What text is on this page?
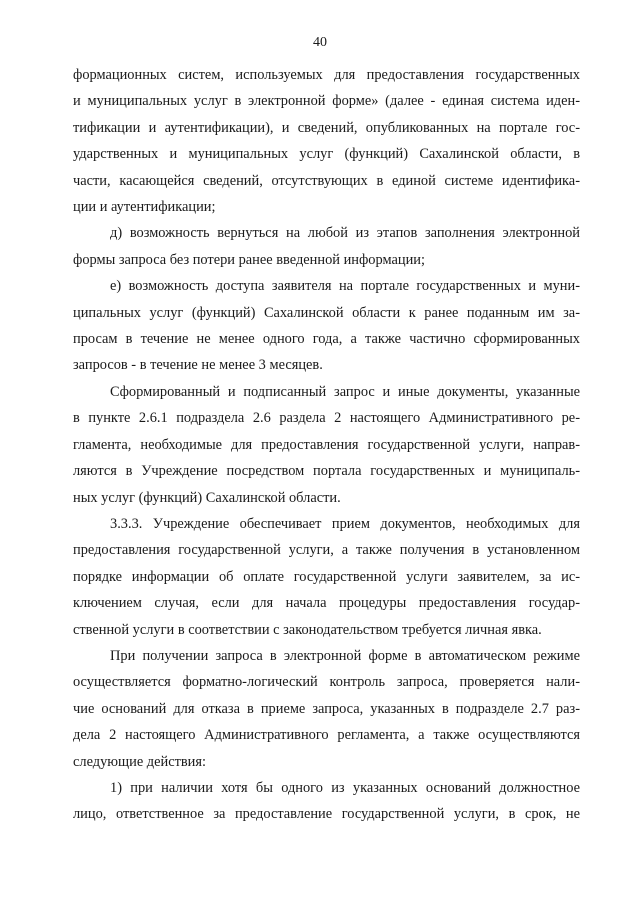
40
формационных систем, используемых для предоставления государственных
и муниципальных услуг в электронной форме» (далее - единая система иден-
тификации и аутентификации), и сведений, опубликованных на портале гос-
ударственных и муниципальных услуг (функций) Сахалинской области, в
части, касающейся сведений, отсутствующих в единой системе идентифика-
ции и аутентификации;
д) возможность вернуться на любой из этапов заполнения электронной
формы запроса без потери ранее введенной информации;
е) возможность доступа заявителя на портале государственных и муни-
ципальных услуг (функций) Сахалинской области к ранее поданным им за-
просам в течение не менее одного года, а также частично сформированных
запросов - в течение не менее 3 месяцев.
Сформированный и подписанный запрос и иные документы, указанные
в пункте 2.6.1 подраздела 2.6 раздела 2 настоящего Административного ре-
гламента, необходимые для предоставления государственной услуги, направ-
ляются в Учреждение посредством портала государственных и муниципаль-
ных услуг (функций) Сахалинской области.
3.3.3. Учреждение обеспечивает прием документов, необходимых для
предоставления государственной услуги, а также получения в установленном
порядке информации об оплате государственной услуги заявителем, за ис-
ключением случая, если для начала процедуры предоставления государ-
ственной услуги в соответствии с законодательством требуется личная явка.
При получении запроса в электронной форме в автоматическом режиме
осуществляется форматно-логический контроль запроса, проверяется нали-
чие оснований для отказа в приеме запроса, указанных в подразделе 2.7 раз-
дела 2 настоящего Административного регламента, а также осуществляются
следующие действия:
1) при наличии хотя бы одного из указанных оснований должностное
лицо, ответственное за предоставление государственной услуги, в срок, не
